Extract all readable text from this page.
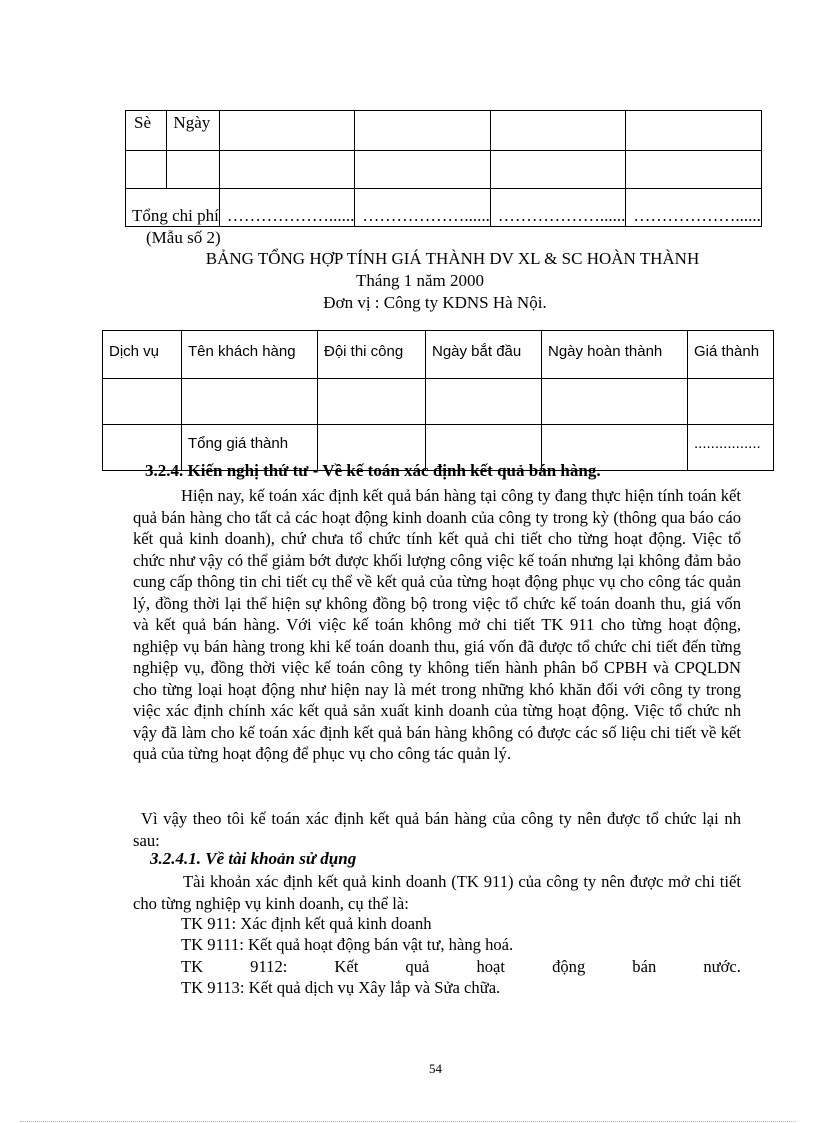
Sè	Ngày				

Tổng chi phí		………………......	………………......	………………......	………………......
(Mẫu số 2)
BẢNG TỔNG HỢP TÍNH GIÁ THÀNH DV XL & SC HOÀN THÀNH
Tháng 1 năm 2000
Đơn vị : Công ty KDNS Hà Nội.
Dịch vụ	Tên khách hàng	Đội thi công	Ngày bắt đầu	Ngày hoàn thành	Giá thành

	Tổng giá thành				................
3.2.4. Kiến nghị thứ tư - Về kế toán xác định kết quả bán hàng.
Hiện nay, kế toán xác định kết quả bán hàng tại công ty đang thực hiện tính toán kết quả bán hàng cho tất cả các hoạt động kinh doanh của công ty trong kỳ (thông qua báo cáo kết quả kinh doanh), chứ chưa tổ chức tính kết quả chi tiết cho từng hoạt động. Việc tổ chức như vậy có thể giảm bớt được khối lượng công việc kế toán nhưng lại không đảm bảo cung cấp thông tin chi tiết cụ thể về kết quả của từng hoạt động phục vụ cho công tác quản lý, đồng thời lại thể hiện sự không đồng bộ trong việc tổ chức kế toán doanh thu, giá vốn và kết quả bán hàng. Với việc kế toán không mở chi tiết TK 911 cho từng hoạt động, nghiệp vụ bán hàng trong khi kế toán doanh thu, giá vốn đã được tổ chức chi tiết đến từng nghiệp vụ, đồng thời việc kế toán công ty không tiến hành phân bổ CPBH và CPQLDN cho từng loại hoạt động như hiện nay là mét trong những khó khăn đối với công ty trong việc xác định chính xác kết quả sản xuất kinh doanh của từng hoạt động. Việc tổ chức nh vậy đã làm cho kế toán xác định kết quả bán hàng không có được các số liệu chi tiết về kết quả của từng hoạt động để phục vụ cho công tác quản lý.
Vì vậy theo tôi kế toán xác định kết quả bán hàng của công ty nên được tổ chức lại nh sau:
3.2.4.1. Về tài khoản sử dụng
Tài khoản xác định kết quả kinh doanh (TK 911) của công ty nên được mở chi tiết cho từng nghiệp vụ kinh doanh, cụ thể là:
TK 911: Xác định kết quả kinh doanh
TK 9111: Kết quả hoạt động bán vật tư, hàng hoá.
TK	9112:	Kết	quả	hoạt	động	bán	nước.
TK 9113: Kết quả dịch vụ Xây lắp và Sửa chữa.
54
